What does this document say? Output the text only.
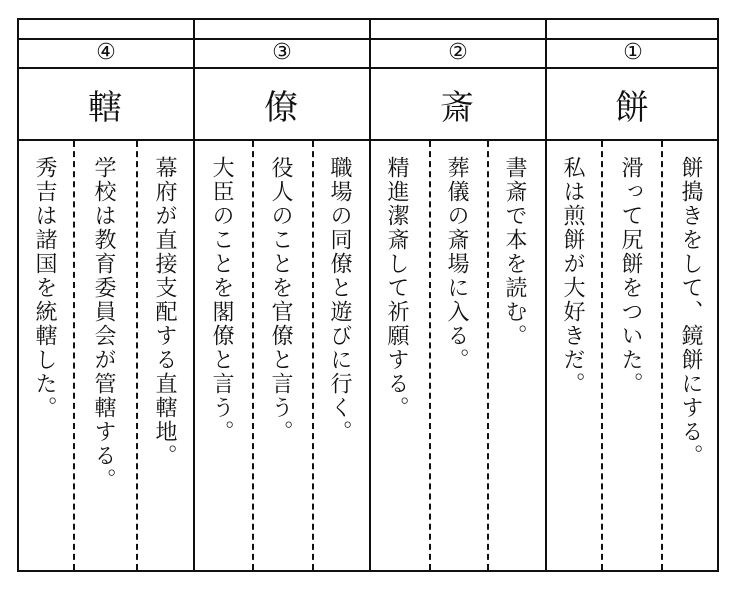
④
轄
秀吉は諸国を統轄した。 学校は教育委員会が管轄する。 幕府が直接支配する直轄地。
③
僚
大臣のことを閣僚と言う。 役人のことを官僚と言う。 職場の同僚と遊びに行く。
②
斎
精進潔斎して祈願する。 葬儀の斎場に入る。 書斎で本を読む。
①
餅
私は煎餅が大好きだ。 滑って尻餅をついた。 餅搗きをして、鏡餅にする。
